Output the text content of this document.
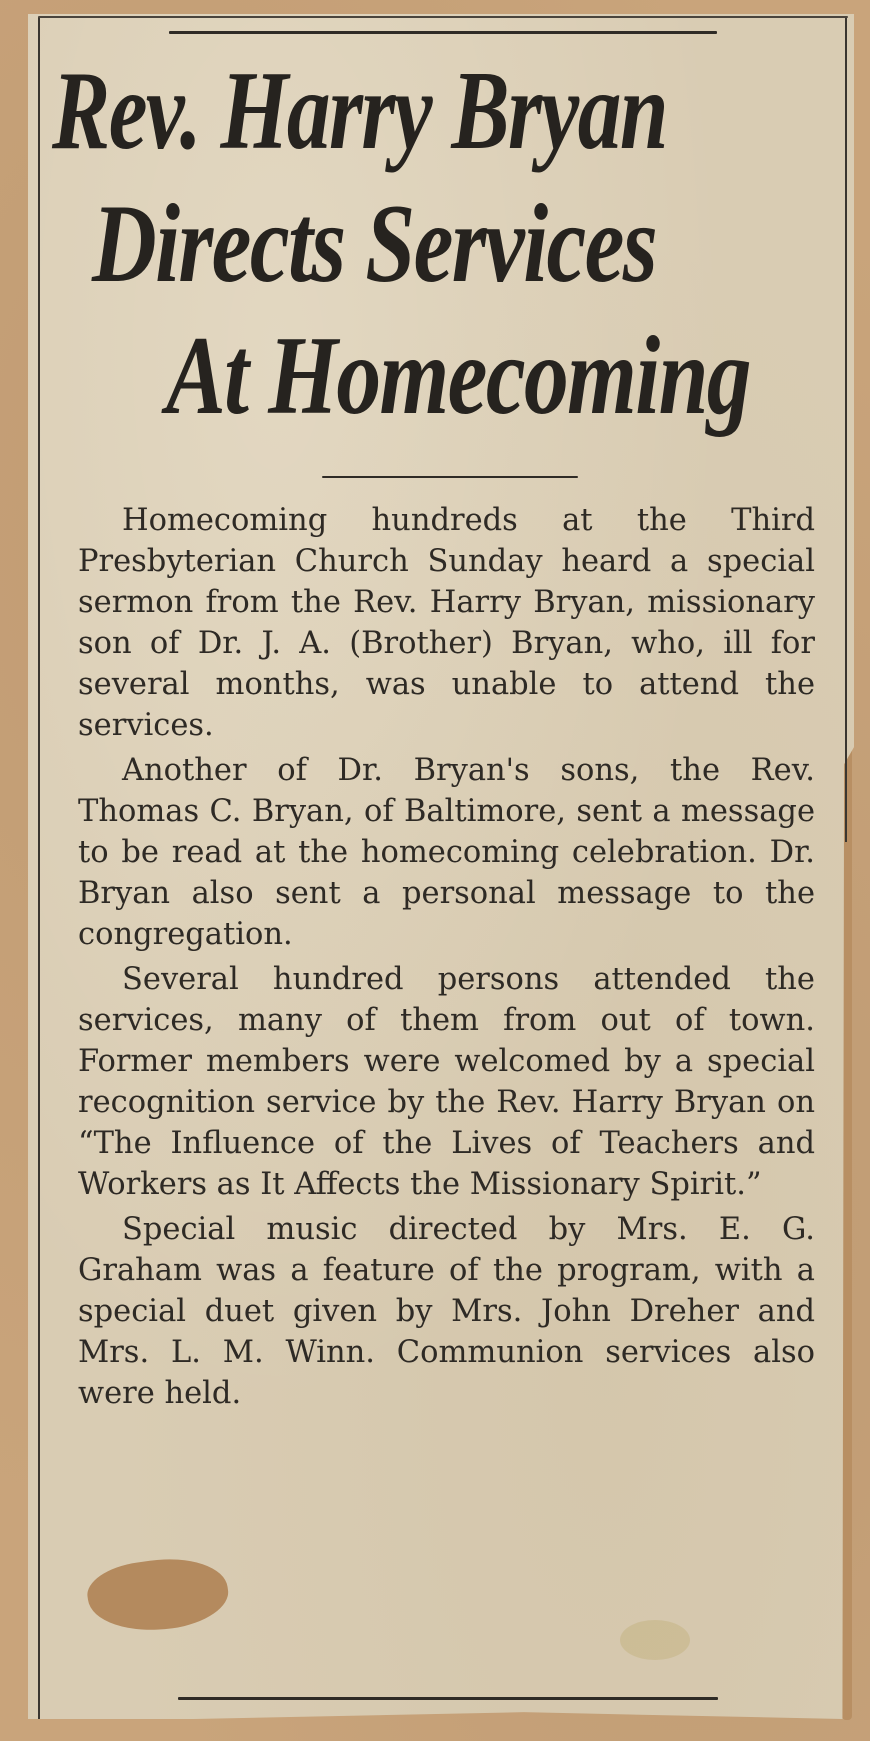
Rev. Harry Bryan
Directs Services
At Homecoming

Homecoming hundreds at the Third Presbyterian Church Sunday heard a special sermon from the Rev. Harry Bryan, missionary son of Dr. J. A. (Brother) Bryan, who, ill for several months, was unable to attend the services.

Another of Dr. Bryan's sons, the Rev. Thomas C. Bryan, of Baltimore, sent a message to be read at the homecoming celebration. Dr. Bryan also sent a personal message to the congregation.

Several hundred persons attended the services, many of them from out of town. Former members were welcomed by a special recognition service by the Rev. Harry Bryan on “The Influence of the Lives of Teachers and Workers as It Affects the Missionary Spirit.”

Special music directed by Mrs. E. G. Graham was a feature of the program, with a special duet given by Mrs. John Dreher and Mrs. L. M. Winn. Communion services also were held.
